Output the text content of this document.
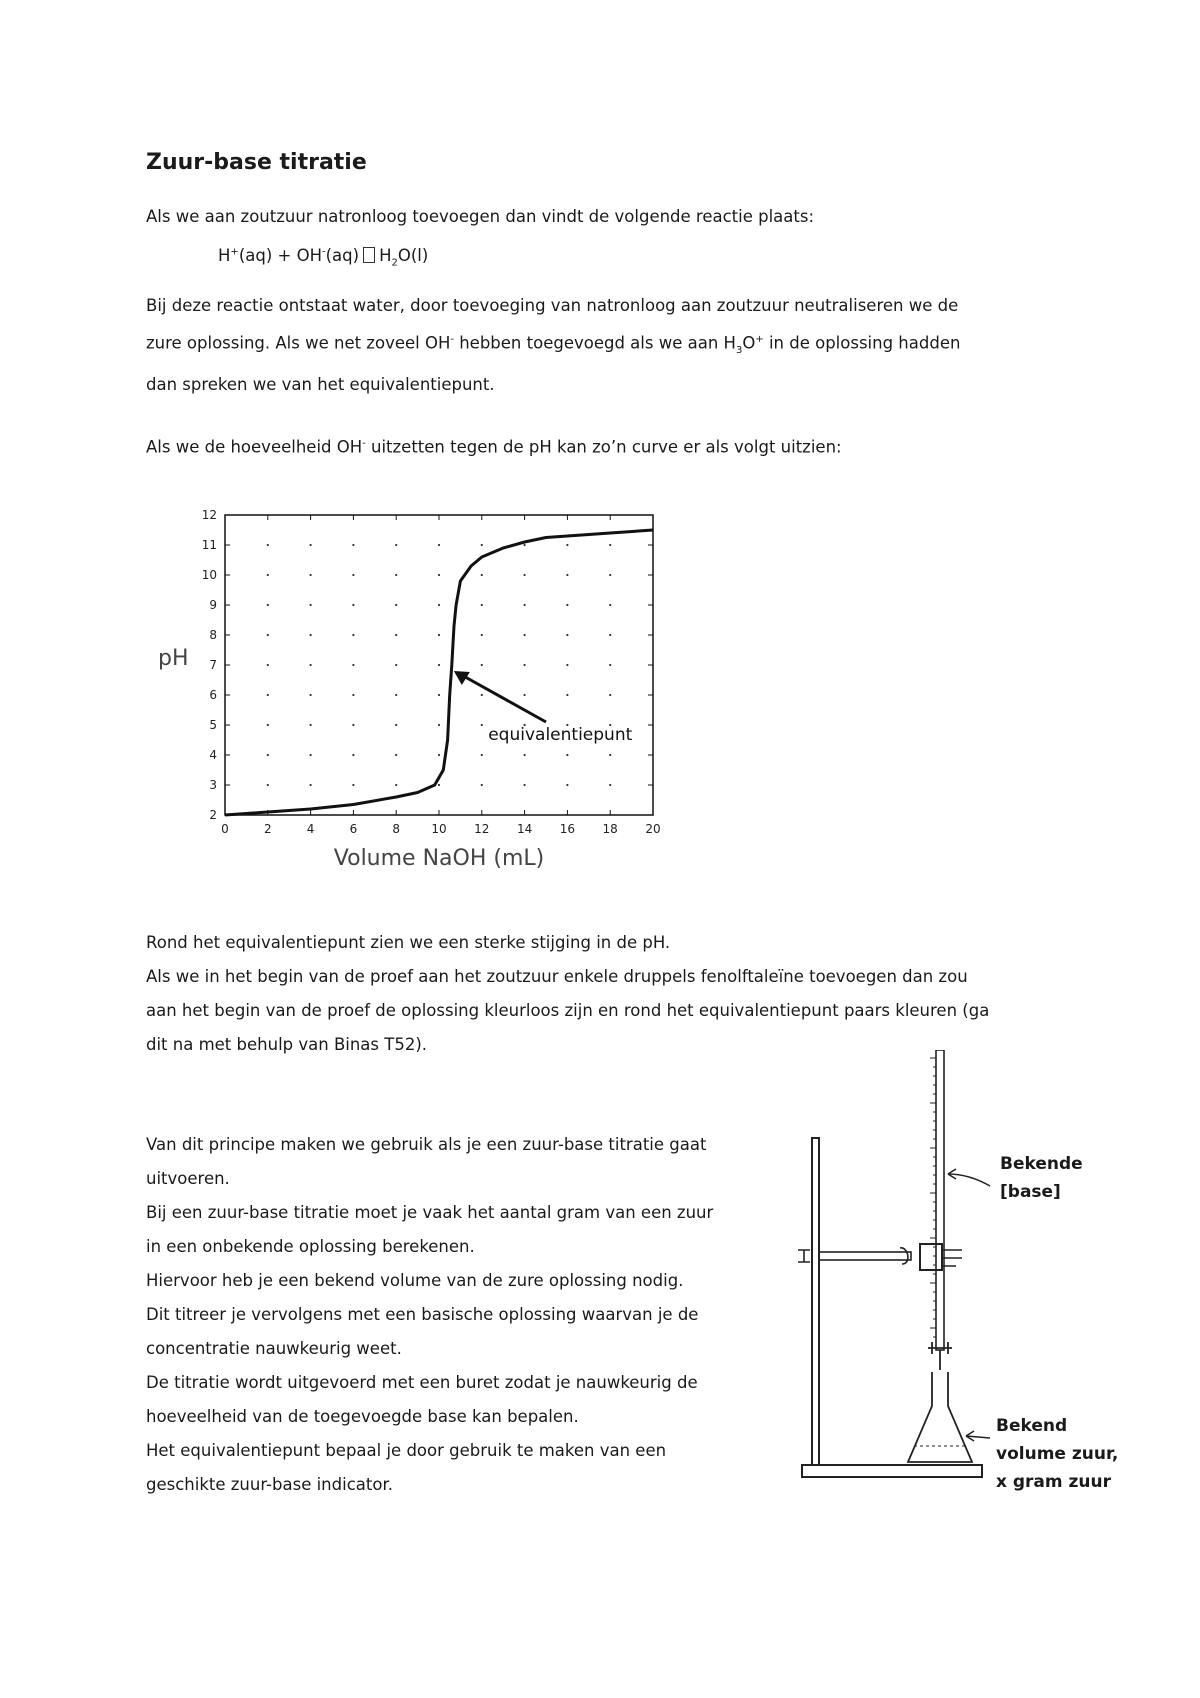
Zuur-base titratie
Als we aan zoutzuur natronloog toevoegen dan vindt de volgende reactie plaats:
H+(aq) + OH-(aq) $H_2O(l)$
Bij deze reactie ontstaat water, door toevoeging van natronloog aan zoutzuur neutraliseren we de
zure oplossing. Als we net zoveel OH- hebben toegevoegd als we aan $H_3O^+$ in de oplossing hadden
dan spreken we van het equivalentiepunt.
Als we de hoeveelheid OH- uitzetten tegen de pH kan zo’n curve er als volgt uitzien:
0	2	4	6	8	10 12 14 16 18 20
2
3
4
5
6
7
8
9
10
11
12
Volume NaOH (mL)
pH
equivalentiepunt
Rond het equivalentiepunt zien we een sterke stijging in de pH.
Als we in het begin van de proef aan het zoutzuur enkele druppels fenolftaleïne toevoegen dan zou
aan het begin van de proef de oplossing kleurloos zijn en rond het equivalentiepunt paars kleuren (ga
dit na met behulp van Binas T52).
Van dit principe maken we gebruik als je een zuur-base titratie gaat
uitvoeren.
Bij een zuur-base titratie moet je vaak het aantal gram van een zuur
in een onbekende oplossing berekenen.
Hiervoor heb je een bekend volume van de zure oplossing nodig.
Dit titreer je vervolgens met een basische oplossing waarvan je de
concentratie nauwkeurig weet.
De titratie wordt uitgevoerd met een buret zodat je nauwkeurig de
hoeveelheid van de toegevoegde base kan bepalen.
Het equivalentiepunt bepaal je door gebruik te maken van een
geschikte zuur-base indicator.
Bekende
[base]
Bekend
volume zuur,
x gram zuur
